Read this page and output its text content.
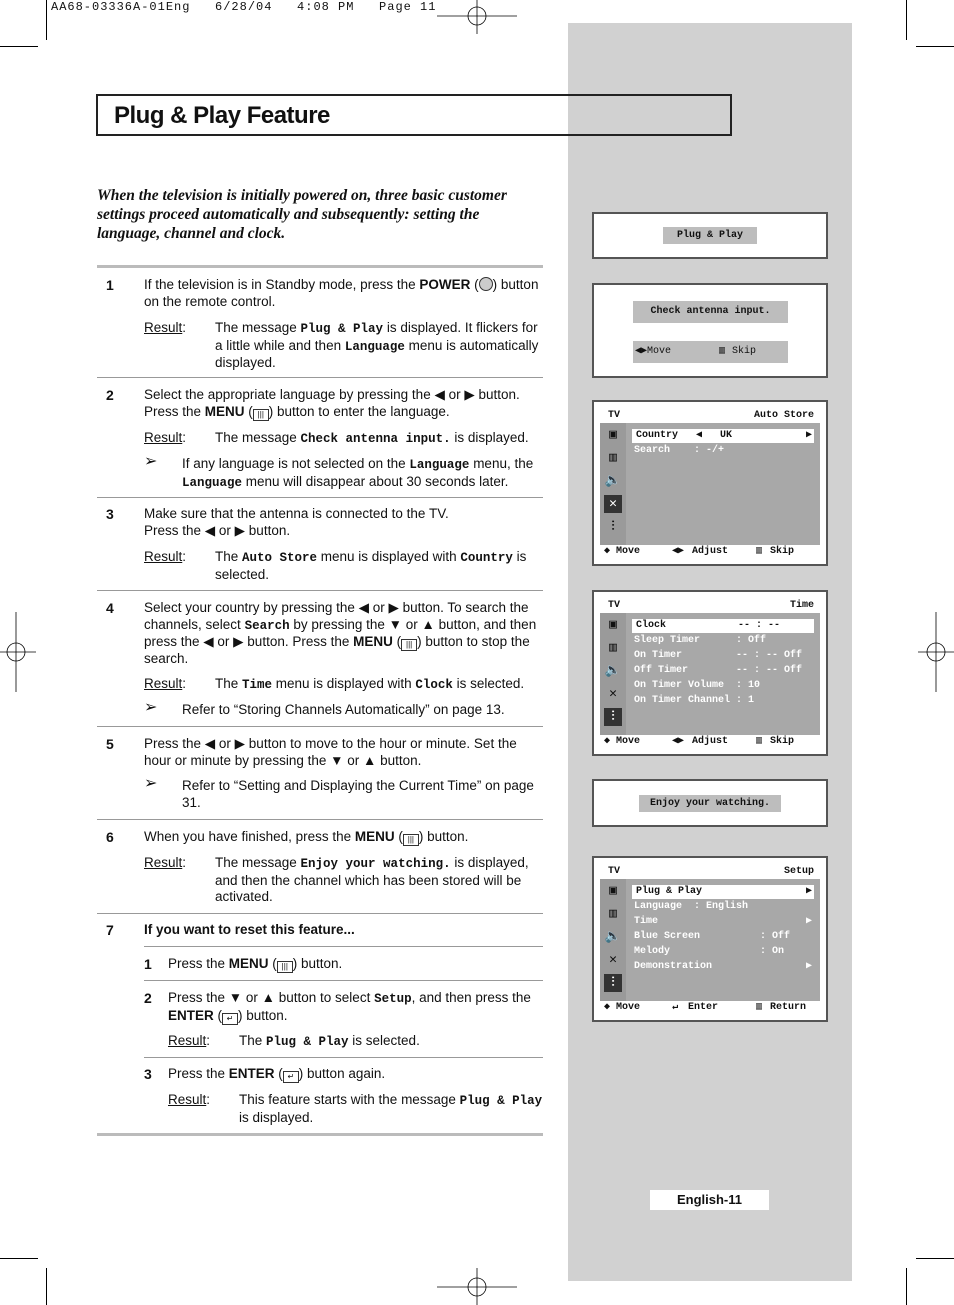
AA68-03336A-01Eng   6/28/04   4:08 PM   Page 11
Plug & Play Feature
When the television is initially powered on, three basic customer settings proceed automatically and subsequently: setting the language, channel and clock.
1 If the television is in Standby mode, press the POWER ( ) button on the remote control.
Result: The message Plug & Play is displayed. It flickers for a little while and then Language menu is automatically displayed.
2 Select the appropriate language by pressing the ◀ or ▶ button. Press the MENU ( ||| ) button to enter the language.
Result: The message Check antenna input. is displayed.
➢ If any language is not selected on the Language menu, the Language menu will disappear about 30 seconds later.
3 Make sure that the antenna is connected to the TV.
Press the ◀ or ▶ button.
Result: The Auto Store menu is displayed with Country is selected.
4 Select your country by pressing the ◀ or ▶ button. To search the channels, select Search by pressing the ▼ or ▲ button, and then press the ◀ or ▶ button. Press the MENU ( ||| ) button to stop the search.
Result: The Time menu is displayed with Clock is selected.
➢ Refer to “Storing Channels Automatically” on page 13.
5 Press the ◀ or ▶ button to move to the hour or minute. Set the hour or minute by pressing the ▼ or ▲ button.
➢ Refer to “Setting and Displaying the Current Time” on page 31.
6 When you have finished, press the MENU ( ||| ) button.
Result: The message Enjoy your watching. is displayed, and then the channel which has been stored will be activated.
7 If you want to reset this feature...
1 Press the MENU ( ||| ) button.
2 Press the ▼ or ▲ button to select Setup, and then press the ENTER ( ↵ ) button.
Result: The Plug & Play is selected.
3 Press the ENTER ( ↵ ) button again.
Result: This feature starts with the message Plug & Play is displayed.
Plug & Play
Check antenna input.
◀▶Move	▥ Skip
TV	Auto Store
▣
▥
🔈
✕
⫶
Country   ◀   UK	▶
Search    : -/+
◆ Move	◀▶ Adjust	▥ Skip
TV	Time
▣
▥
🔈
✕
⫶
Clock            -- : --
Sleep Timer      : Off
On Timer         -- : -- Off
Off Timer        -- : -- Off
On Timer Volume  : 10
On Timer Channel : 1
◆ Move	◀▶ Adjust	▥ Skip
Enjoy your watching.
TV	Setup
▣
▥
🔈
✕
⫶
Plug & Play	▶
Language  : English
Time	▶
Blue Screen          : Off
Melody               : On
Demonstration	▶
◆ Move	↵ Enter	▥ Return
English-11
